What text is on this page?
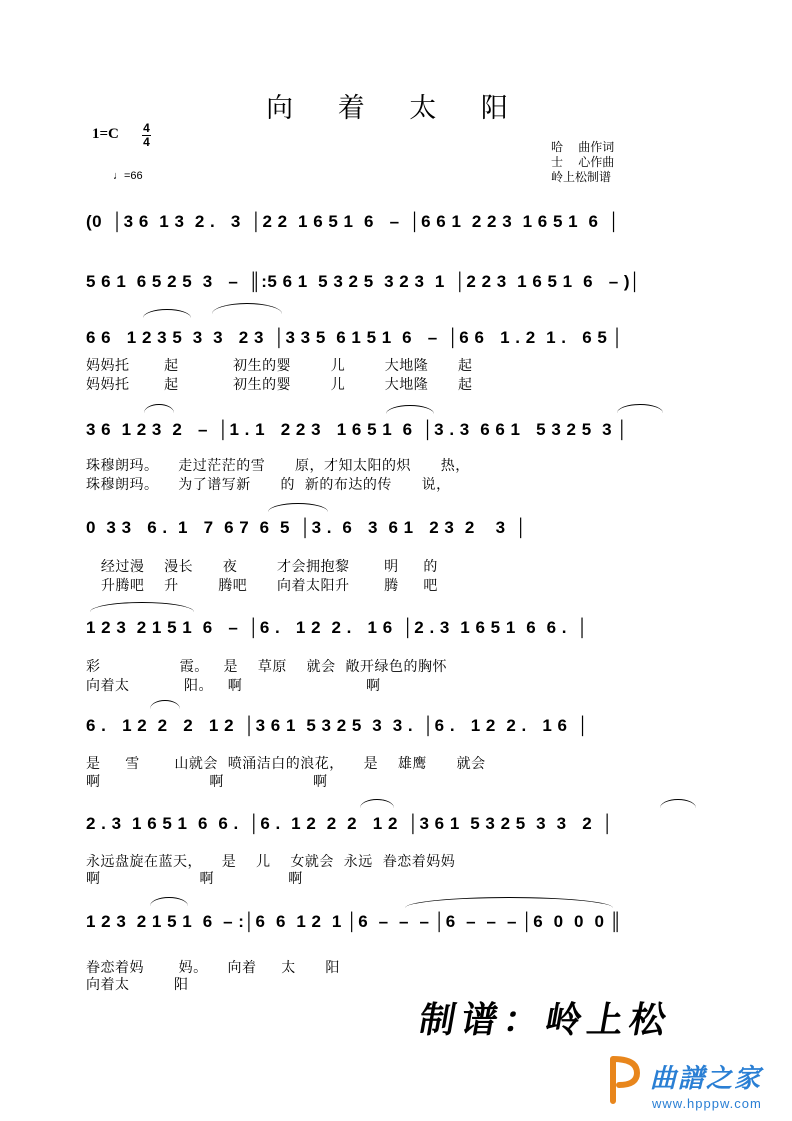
向 着 太 阳
1=C 4
4
♩=66
哈    曲作词
士    心作曲
岭上松制谱
(0  │3 6  1 3  2 .   3  │2 2  1 6 5 1  6   –  │6 6 1  2 2 3  1 6 5 1  6  │
5 6 1  6 5 2 5  3   –  ║:5 6 1  5 3 2 5  3 2 3  1  │2 2 3  1 6 5 1  6   – )│
6 6   1 2 3 5  3  3   2 3  │3 3 5  6 1 5 1  6   –  │6 6   1 . 2  1 .   6 5 │
妈妈托       起           初生的婴        儿        大地隆      起
妈妈托       起           初生的婴        儿        大地隆      起
3 6  1 2 3  2   –  │1 . 1   2 2 3   1 6 5 1  6  │3 . 3  6 6 1   5 3 2 5  3 │
珠穆朗玛。    走过茫茫的雪      原，才知太阳的炽      热，
珠穆朗玛。    为了谱写新      的  新的布达的传      说，
0  3 3   6 .  1   7  6 7  6  5  │3 .  6   3  6 1   2 3  2    3  │
经过漫    漫长      夜        才会拥抱黎       明     的
升腾吧    升        腾吧      向着太阳升       腾     吧
1 2 3  2 1 5 1  6   –  │6 .   1 2  2 .   1 6  │2 . 3  1 6 5 1  6  6 .  │
彩                霞。   是    草原    就会  敞开绿色的胸怀
向着太           阳。   啊                         啊
6 .   1 2  2   2   1 2  │3 6 1  5 3 2 5  3  3 .  │6 .   1 2  2 .   1 6  │
是     雪       山就会  喷涌洁白的浪花，    是    雄鹰      就会
啊                      啊                  啊
2 . 3  1 6 5 1  6  6 .  │6 .  1 2  2  2   1 2  │3 6 1  5 3 2 5  3  3   2  │
永远盘旋在蓝天，    是    儿    女就会  永远  眷恋着妈妈
啊                    啊               啊
1 2 3  2 1 5 1  6  – :│6  6  1 2  1 │6  –  –  – │6  –  –  – │6  0  0  0 ║
眷恋着妈       妈。    向着     太      阳
向着太         阳
制谱：岭上松
曲譜之家
www.hpppw.com
